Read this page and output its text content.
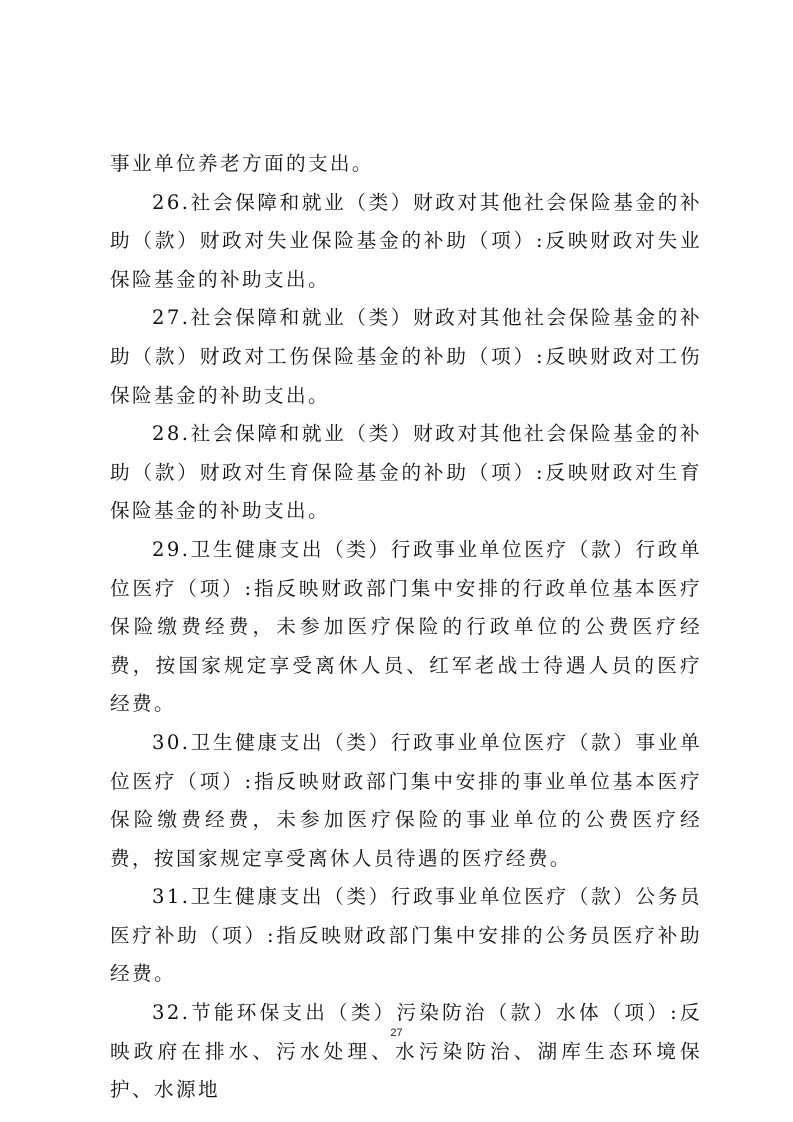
事业单位养老方面的支出。

26.社会保障和就业（类）财政对其他社会保险基金的补助（款）财政对失业保险基金的补助（项）:反映财政对失业保险基金的补助支出。

27.社会保障和就业（类）财政对其他社会保险基金的补助（款）财政对工伤保险基金的补助（项）:反映财政对工伤保险基金的补助支出。

28.社会保障和就业（类）财政对其他社会保险基金的补助（款）财政对生育保险基金的补助（项）:反映财政对生育保险基金的补助支出。

29.卫生健康支出（类）行政事业单位医疗（款）行政单位医疗（项）:指反映财政部门集中安排的行政单位基本医疗保险缴费经费，未参加医疗保险的行政单位的公费医疗经费，按国家规定享受离休人员、红军老战士待遇人员的医疗经费。

30.卫生健康支出（类）行政事业单位医疗（款）事业单位医疗（项）:指反映财政部门集中安排的事业单位基本医疗保险缴费经费，未参加医疗保险的事业单位的公费医疗经费，按国家规定享受离休人员待遇的医疗经费。

31.卫生健康支出（类）行政事业单位医疗（款）公务员医疗补助（项）:指反映财政部门集中安排的公务员医疗补助经费。

32.节能环保支出（类）污染防治（款）水体（项）:反映政府在排水、污水处理、水污染防治、湖库生态环境保护、水源地

27
